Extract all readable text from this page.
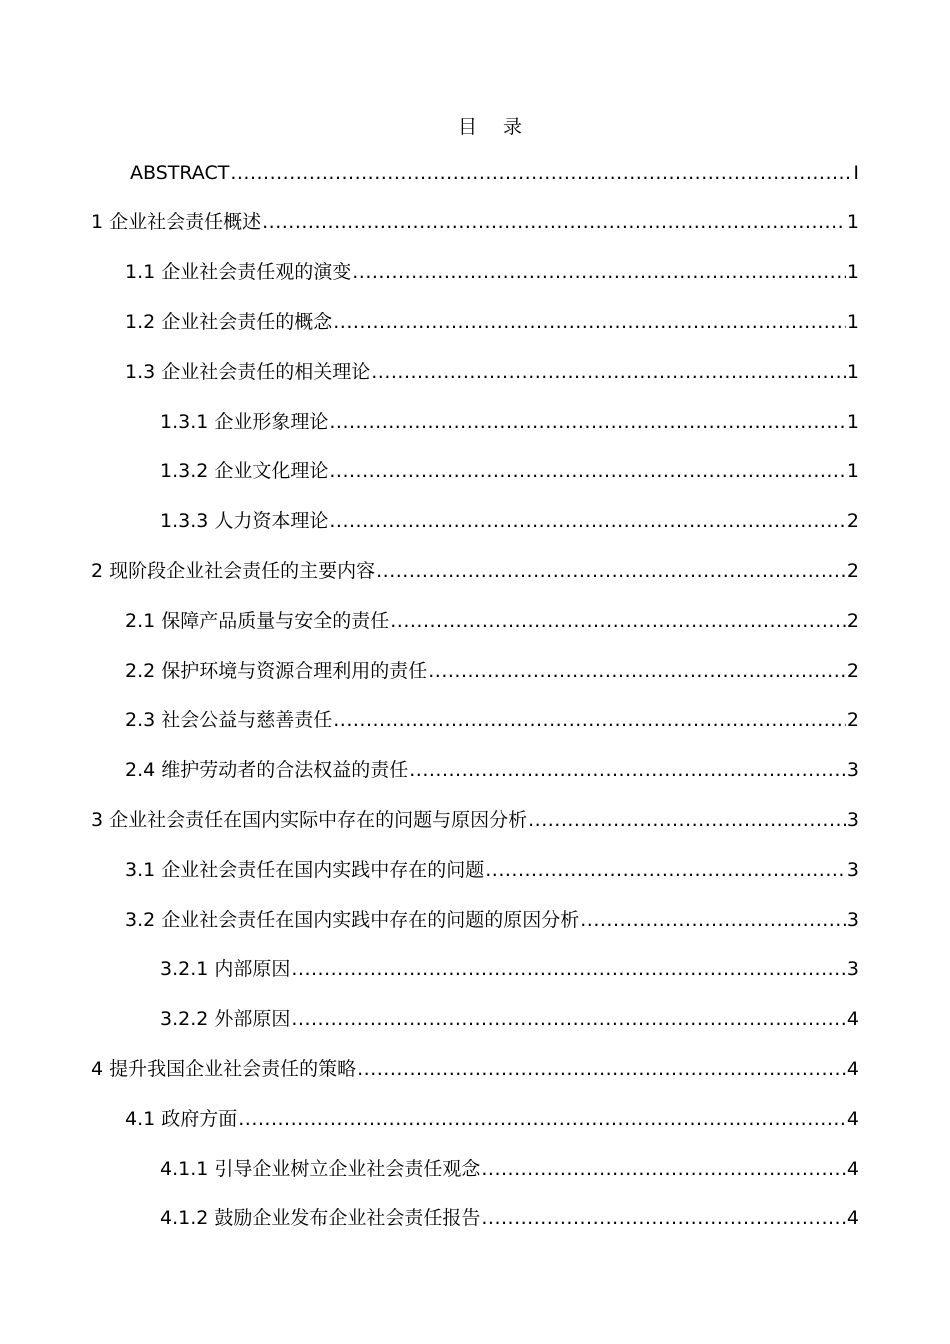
目 录
ABSTRACT .....	I
1 企业社会责任概述 .....	1
1.1 企业社会责任观的演变 .....	1
1.2 企业社会责任的概念 .....	1
1.3 企业社会责任的相关理论 .....	1
1.3.1 企业形象理论 .....	1
1.3.2 企业文化理论 .....	1
1.3.3 人力资本理论 .....	2
2 现阶段企业社会责任的主要内容 .....	2
2.1 保障产品质量与安全的责任 .....	2
2.2 保护环境与资源合理利用的责任 .....	2
2.3 社会公益与慈善责任 .....	2
2.4 维护劳动者的合法权益的责任 .....	3
3 企业社会责任在国内实际中存在的问题与原因分析 .....	3
3.1 企业社会责任在国内实践中存在的问题 .....	3
3.2 企业社会责任在国内实践中存在的问题的原因分析 .....	3
3.2.1 内部原因 .....	3
3.2.2 外部原因 .....	4
4 提升我国企业社会责任的策略 .....	4
4.1 政府方面 .....	4
4.1.1 引导企业树立企业社会责任观念 .....	4
4.1.2 鼓励企业发布企业社会责任报告 .....	4
